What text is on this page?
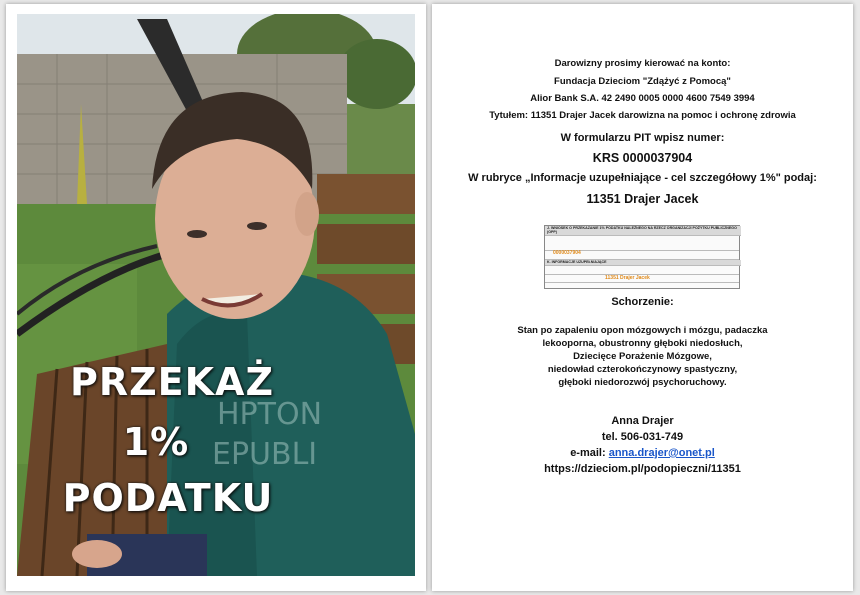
HPTON
EPUBLI
PRZEKAŻ
1%
PODATKU
Darowizny prosimy kierować na konto:
Fundacja Dzieciom "Zdążyć z Pomocą"
Alior Bank S.A. 42 2490 0005 0000 4600 7549 3994
Tytułem: 11351 Drajer Jacek darowizna na pomoc i ochronę zdrowia
W formularzu PIT wpisz numer:
KRS 0000037904
W rubryce „Informacje uzupełniające - cel szczegółowy 1%" podaj:
11351 Drajer Jacek
J. WNIOSEK O PRZEKAZANIE 1% PODATKU NALEŻNEGO NA RZECZ ORGANIZACJI POŻYTKU PUBLICZNEGO (OPP)
0000037904
K. INFORMACJE UZUPEŁNIAJĄCE
11351 Drajer Jacek
Schorzenie:
Stan po zapaleniu opon mózgowych i mózgu, padaczka
lekooporna, obustronny głęboki niedosłuch,
Dziecięce Porażenie Mózgowe,
niedowład czterokończynowy spastyczny,
głęboki niedorozwój psychoruchowy.
Anna Drajer
tel. 506-031-749
e-mail: anna.drajer@onet.pl
https://dzieciom.pl/podopieczni/11351
